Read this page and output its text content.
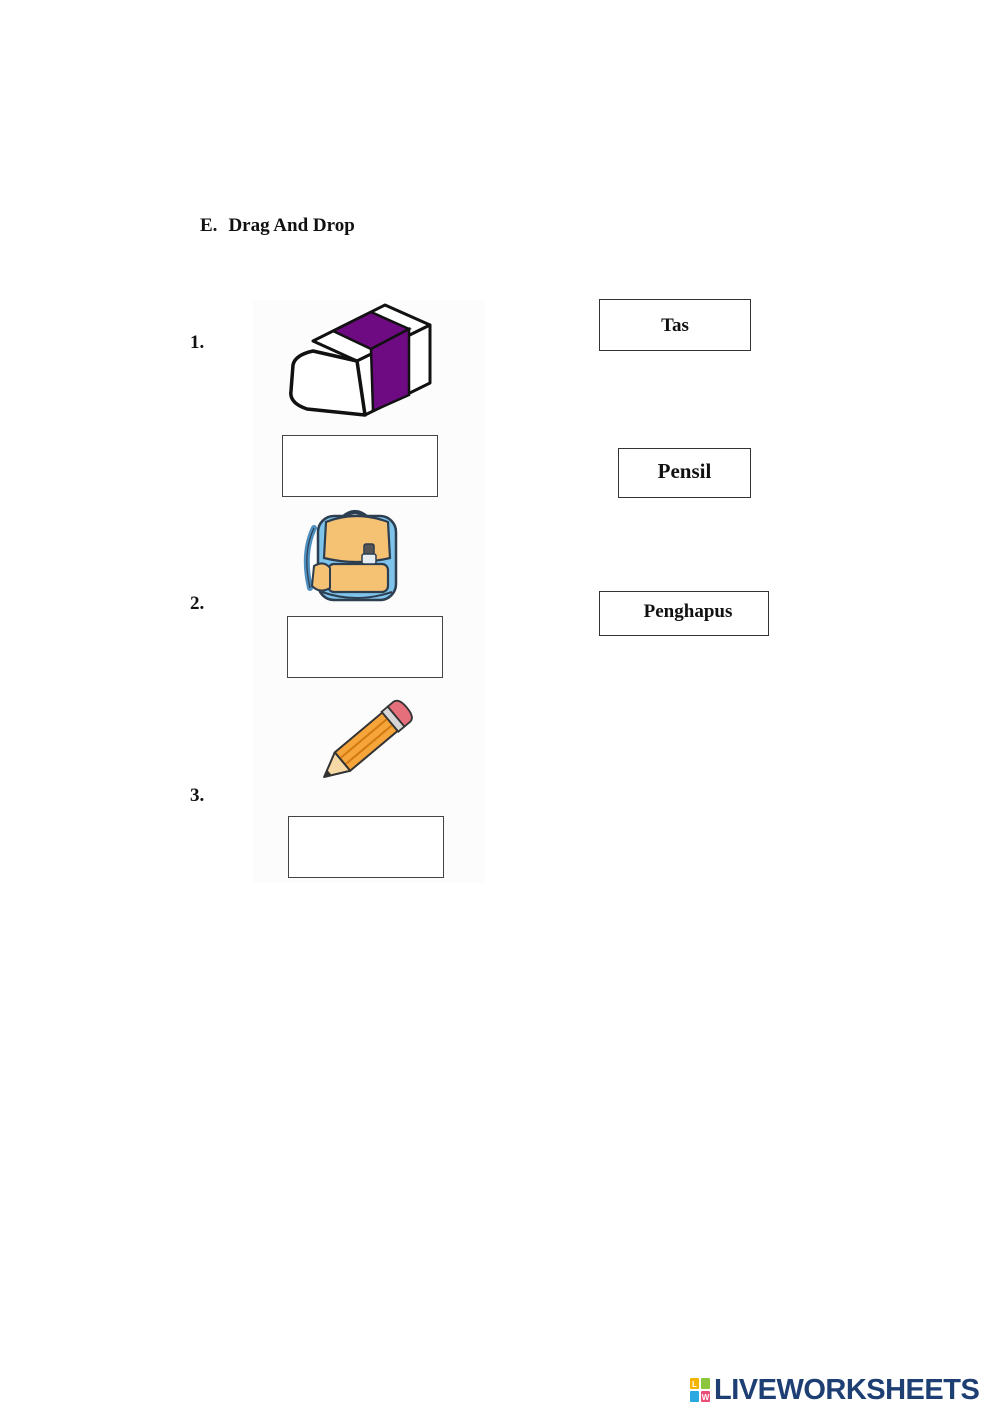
E. Drag And Drop
1.
2.
3.
Tas
Pensil
Penghapus
L
W LIVEWORKSHEETS
